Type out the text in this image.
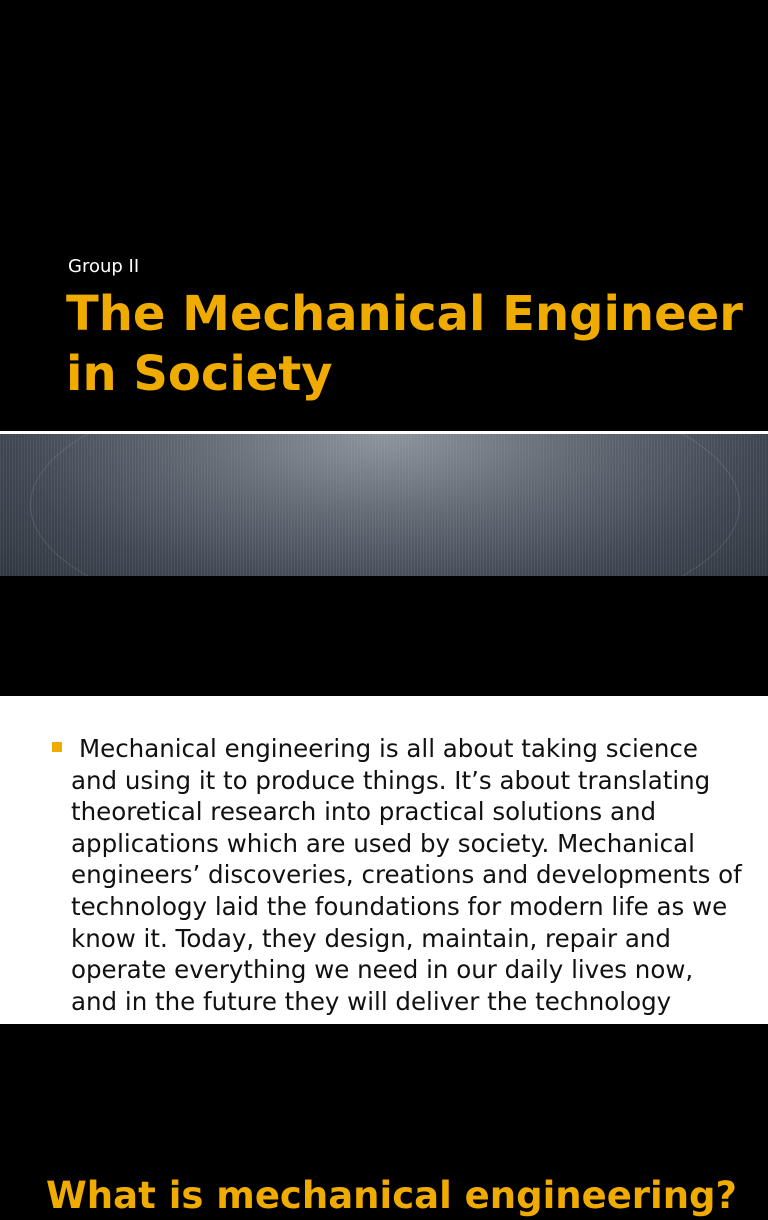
Group II
The Mechanical Engineer in Society
What is mechanical engineering?
Mechanical engineering is all about taking science and using it to produce things. It’s about translating theoretical research into practical solutions and applications which are used by society. Mechanical engineers’ discoveries, creations and developments of technology laid the foundations for modern life as we know it. Today, they design, maintain, repair and operate everything we need in our daily lives now, and in the future they will deliver the technology
